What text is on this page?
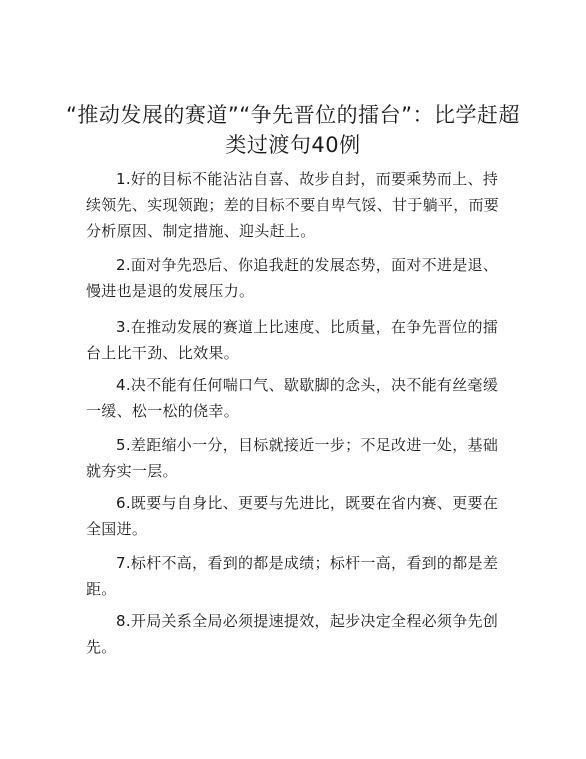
“推动发展的赛道”“争先晋位的擂台”：比学赶超类过渡句40例

1.好的目标不能沾沾自喜、故步自封，而要乘势而上、持续领先、实现领跑；差的目标不要自卑气馁、甘于躺平，而要分析原因、制定措施、迎头赶上。

2.面对争先恐后、你追我赶的发展态势，面对不进是退、慢进也是退的发展压力。

3.在推动发展的赛道上比速度、比质量，在争先晋位的擂台上比干劲、比效果。

4.决不能有任何喘口气、歇歇脚的念头，决不能有丝毫缓一缓、松一松的侥幸。

5.差距缩小一分，目标就接近一步；不足改进一处，基础就夯实一层。

6.既要与自身比、更要与先进比，既要在省内赛、更要在全国进。

7.标杆不高，看到的都是成绩；标杆一高，看到的都是差距。

8.开局关系全局必须提速提效，起步决定全程必须争先创先。
